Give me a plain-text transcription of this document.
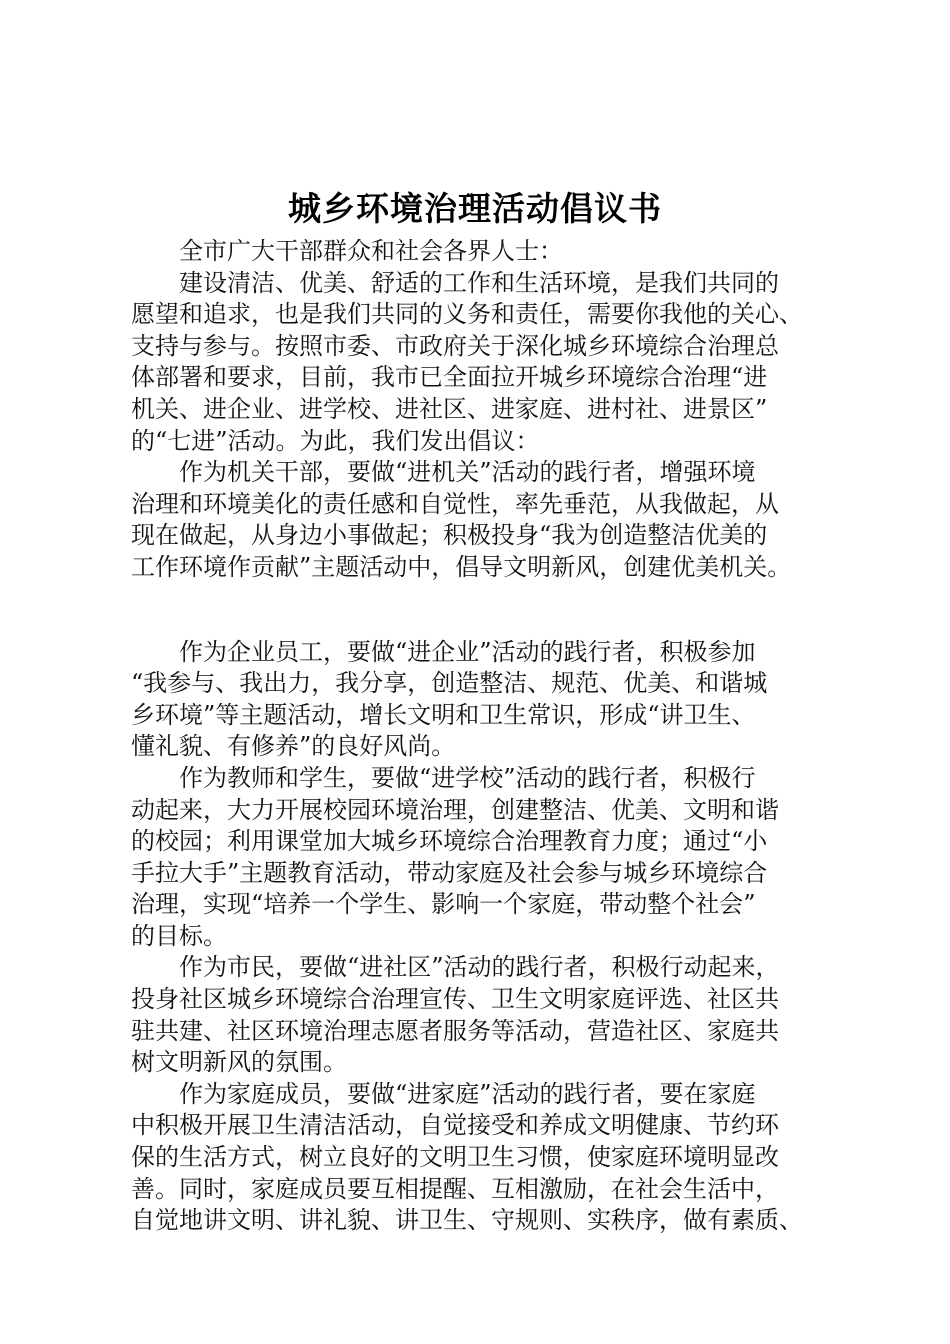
城乡环境治理活动倡议书
全市广大干部群众和社会各界人士：
建设清洁、优美、舒适的工作和生活环境，是我们共同的
愿望和追求，也是我们共同的义务和责任，需要你我他的关心、
支持与参与。按照市委、市政府关于深化城乡环境综合治理总
体部署和要求，目前，我市已全面拉开城乡环境综合治理“进
机关、进企业、进学校、进社区、进家庭、进村社、进景区”
的“七进”活动。为此，我们发出倡议：
作为机关干部，要做“进机关”活动的践行者，增强环境
治理和环境美化的责任感和自觉性，率先垂范，从我做起，从
现在做起，从身边小事做起；积极投身“我为创造整洁优美的
工作环境作贡献”主题活动中，倡导文明新风，创建优美机关。
作为企业员工，要做“进企业”活动的践行者，积极参加
“我参与、我出力，我分享，创造整洁、规范、优美、和谐城
乡环境”等主题活动，增长文明和卫生常识，形成“讲卫生、
懂礼貌、有修养”的良好风尚。
作为教师和学生，要做“进学校”活动的践行者，积极行
动起来，大力开展校园环境治理，创建整洁、优美、文明和谐
的校园；利用课堂加大城乡环境综合治理教育力度；通过“小
手拉大手”主题教育活动，带动家庭及社会参与城乡环境综合
治理，实现“培养一个学生、影响一个家庭，带动整个社会”
的目标。
作为市民，要做“进社区”活动的践行者，积极行动起来，
投身社区城乡环境综合治理宣传、卫生文明家庭评选、社区共
驻共建、社区环境治理志愿者服务等活动，营造社区、家庭共
树文明新风的氛围。
作为家庭成员，要做“进家庭”活动的践行者，要在家庭
中积极开展卫生清洁活动，自觉接受和养成文明健康、节约环
保的生活方式，树立良好的文明卫生习惯，使家庭环境明显改
善。同时，家庭成员要互相提醒、互相激励，在社会生活中，
自觉地讲文明、讲礼貌、讲卫生、守规则、实秩序，做有素质、
